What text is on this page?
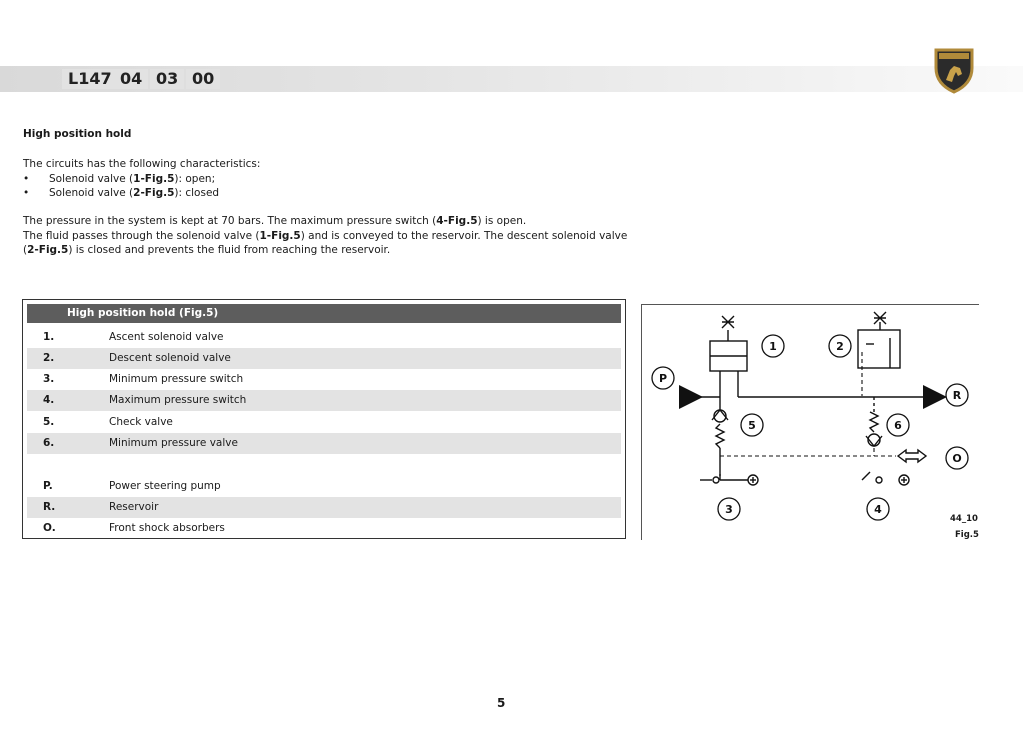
L147 04 03 00
High position hold
The circuits has the following characteristics:
• Solenoid valve (1-Fig.5): open;
• Solenoid valve (2-Fig.5): closed
The pressure in the system is kept at 70 bars. The maximum pressure switch (4-Fig.5) is open.
The fluid passes through the solenoid valve (1-Fig.5) and is conveyed to the reservoir. The descent solenoid valve
(2-Fig.5) is closed and prevents the fluid from reaching the reservoir.
High position hold (Fig.5)
1.	Ascent solenoid valve
2.	Descent solenoid valve
3.	Minimum pressure switch
4.	Maximum pressure switch
5.	Check valve
6.	Minimum pressure valve
P.	Power steering pump
R.	Reservoir
O.	Front shock absorbers
1	2
P
5	6
R
O
3	4
44_10
Fig.5
5
